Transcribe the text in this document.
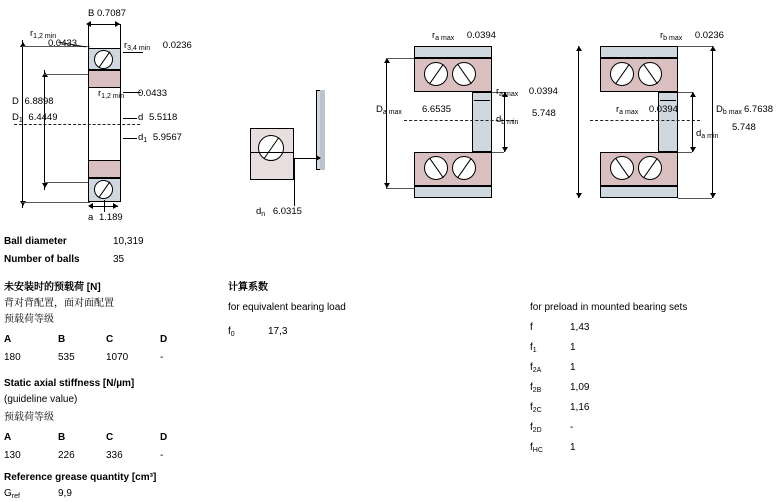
B 0.7087
$r_{1,2 min}$
0.0433	$r_{3,4 min}$ 0.0236
$r_{1,2 min}$ 0.0433
D 6.8898
$D_1$ 6.4449	d 5.5118
$d_1$ 5.9567
a 1.189
$d_n$ 6.0315
$r_{a max}$ 0.0394
$D_{a max}$ 6.6535
$r_{a max}$ 0.0394
$d_{b min}$
5.748
$r_{b max}$ 0.0236
$r_{a max}$ 0.0394	$D_{b max}$ 6.7638
$d_{a min}$
5.748
Ball diameter	10,319
Number of balls	35
未安装时的预载荷 [N]
背对背配置，面对面配置
预载荷等级
A	B	C	D
180	535	1070	-
Static axial stiffness [N/µm]
(guideline value)
预载荷等级
A	B	C	D
130	226	336	-
Reference grease quantity [cm³]
$G_{ref}$	9,9
计算系数
for equivalent bearing load
$f_0$	17,3
for preload in mounted bearing sets
f	1,43
$f_1$	1
$f_{2A}$	1
$f_{2B}$	1,09
$f_{2C}$	1,16
$f_{2D}$	-
$f_{HC}$	1
